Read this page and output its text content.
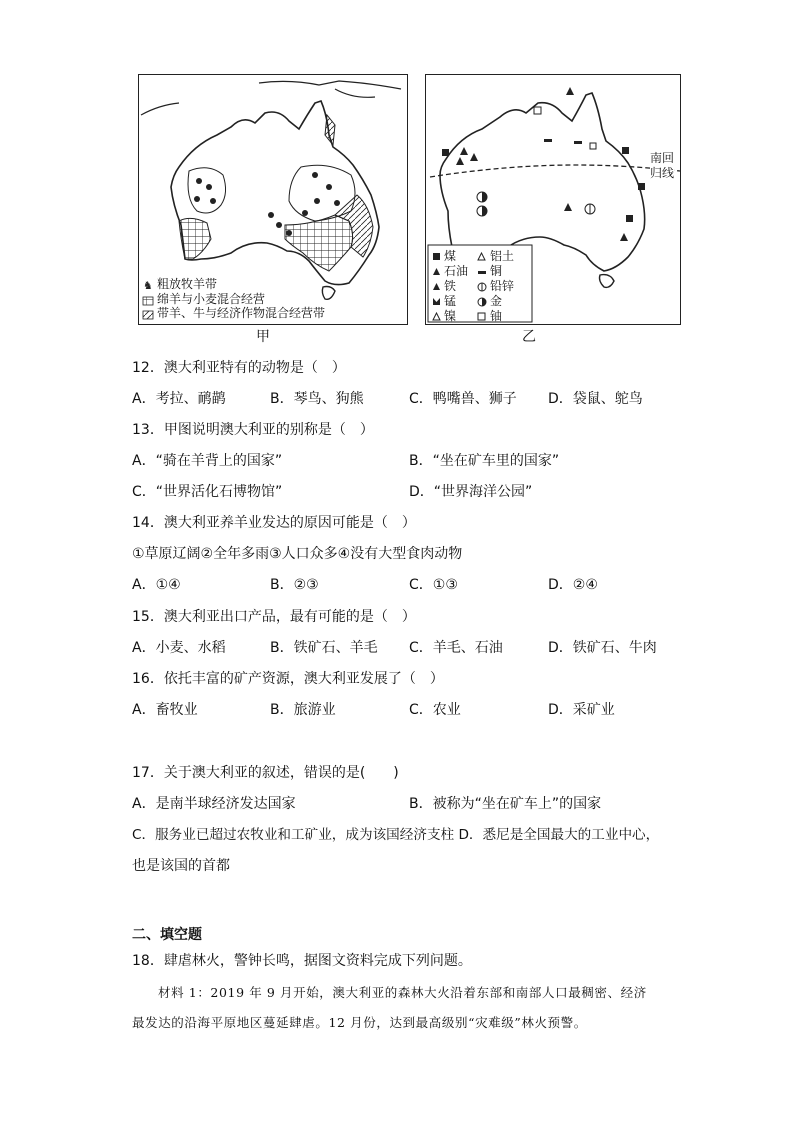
♞ 粗放牧羊带
绵羊与小麦混合经营
带羊、牛与经济作物混合经营带
甲
煤
石油
铁
锰
镍
铝土
铜
铅锌
金
铀
南回
归线
乙
12．澳大利亚特有的动物是（　）
A．考拉、鸸鹋	B．琴鸟、狗熊	C．鸭嘴兽、狮子 D．袋鼠、鸵鸟
13．甲图说明澳大利亚的别称是（　）
A．“骑在羊背上的国家”	B．“坐在矿车里的国家”
C．“世界活化石博物馆”	D．“世界海洋公园”
14．澳大利亚养羊业发达的原因可能是（　）
①草原辽阔②全年多雨③人口众多④没有大型食肉动物
A．①④	B．②③	C．①③	D．②④
15．澳大利亚出口产品，最有可能的是（　）
A．小麦、水稻	B．铁矿石、羊毛 C．羊毛、石油	D．铁矿石、牛肉
16．依托丰富的矿产资源，澳大利亚发展了（　）
A．畜牧业	B．旅游业	C．农业	D．采矿业
17．关于澳大利亚的叙述，错误的是(　　)
A．是南半球经济发达国家	B．被称为“坐在矿车上”的国家
C．服务业已超过农牧业和工矿业，成为该国经济支柱 D．悉尼是全国最大的工业中心，
也是该国的首都
二、填空题
18．肆虐林火，警钟长鸣，据图文资料完成下列问题。
材料 1：2019 年 9 月开始，澳大利亚的森林大火沿着东部和南部人口最稠密、经济
最发达的沿海平原地区蔓延肆虐。12 月份，达到最高级别“灾难级”林火预警。
